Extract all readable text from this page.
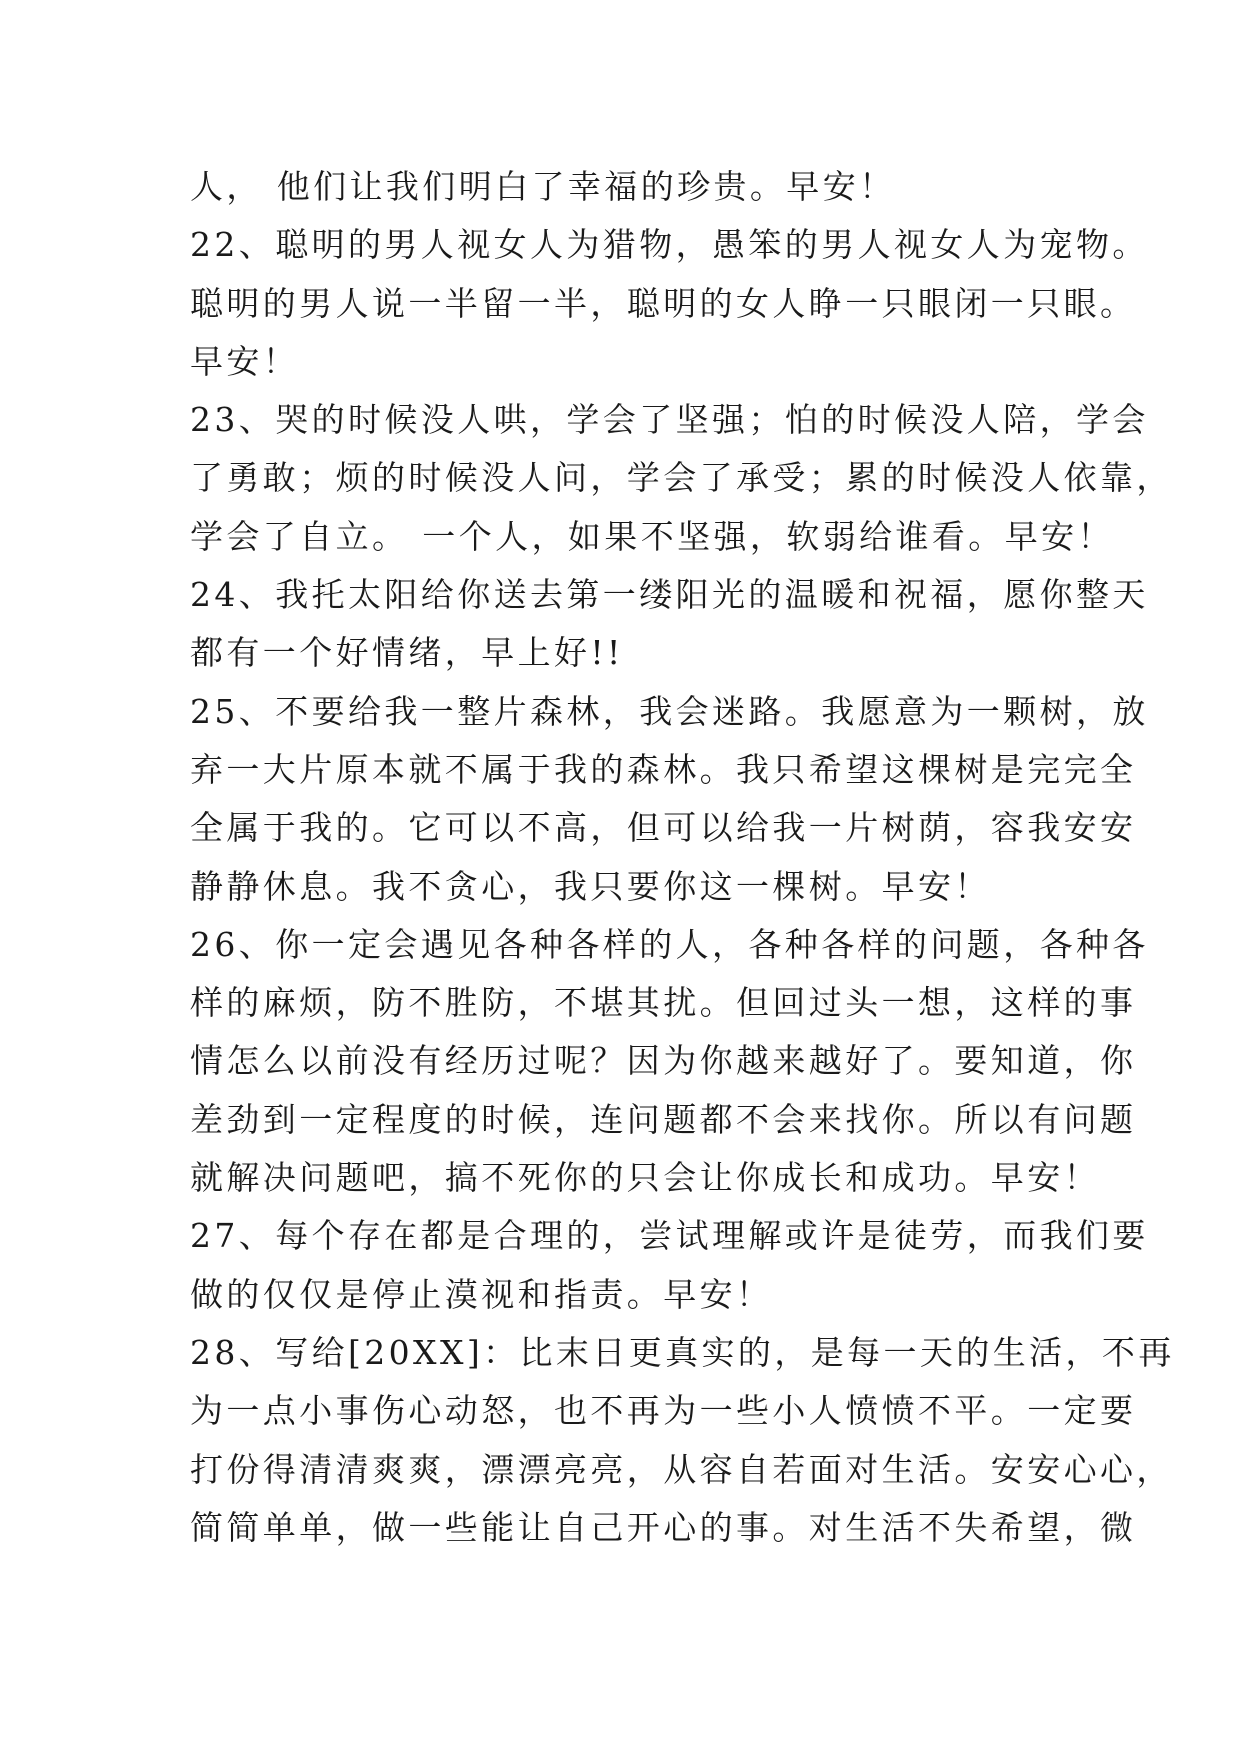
人， 他们让我们明白了幸福的珍贵。早安！
22、聪明的男人视女人为猎物，愚笨的男人视女人为宠物。
聪明的男人说一半留一半，聪明的女人睁一只眼闭一只眼。
早安！
23、哭的时候没人哄，学会了坚强；怕的时候没人陪，学会
了勇敢；烦的时候没人问，学会了承受；累的时候没人依靠，
学会了自立。 一个人，如果不坚强，软弱给谁看。早安！
24、我托太阳给你送去第一缕阳光的温暖和祝福，愿你整天
都有一个好情绪，早上好!!
25、不要给我一整片森林，我会迷路。我愿意为一颗树，放
弃一大片原本就不属于我的森林。我只希望这棵树是完完全
全属于我的。它可以不高，但可以给我一片树荫，容我安安
静静休息。我不贪心，我只要你这一棵树。早安！
26、你一定会遇见各种各样的人，各种各样的问题，各种各
样的麻烦，防不胜防，不堪其扰。但回过头一想，这样的事
情怎么以前没有经历过呢？因为你越来越好了。要知道，你
差劲到一定程度的时候，连问题都不会来找你。所以有问题
就解决问题吧，搞不死你的只会让你成长和成功。早安！
27、每个存在都是合理的，尝试理解或许是徒劳，而我们要
做的仅仅是停止漠视和指责。早安！
28、写给[20XX]：比末日更真实的，是每一天的生活，不再
为一点小事伤心动怒，也不再为一些小人愤愤不平。一定要
打份得清清爽爽，漂漂亮亮，从容自若面对生活。安安心心，
简简单单，做一些能让自己开心的事。对生活不失希望，微
